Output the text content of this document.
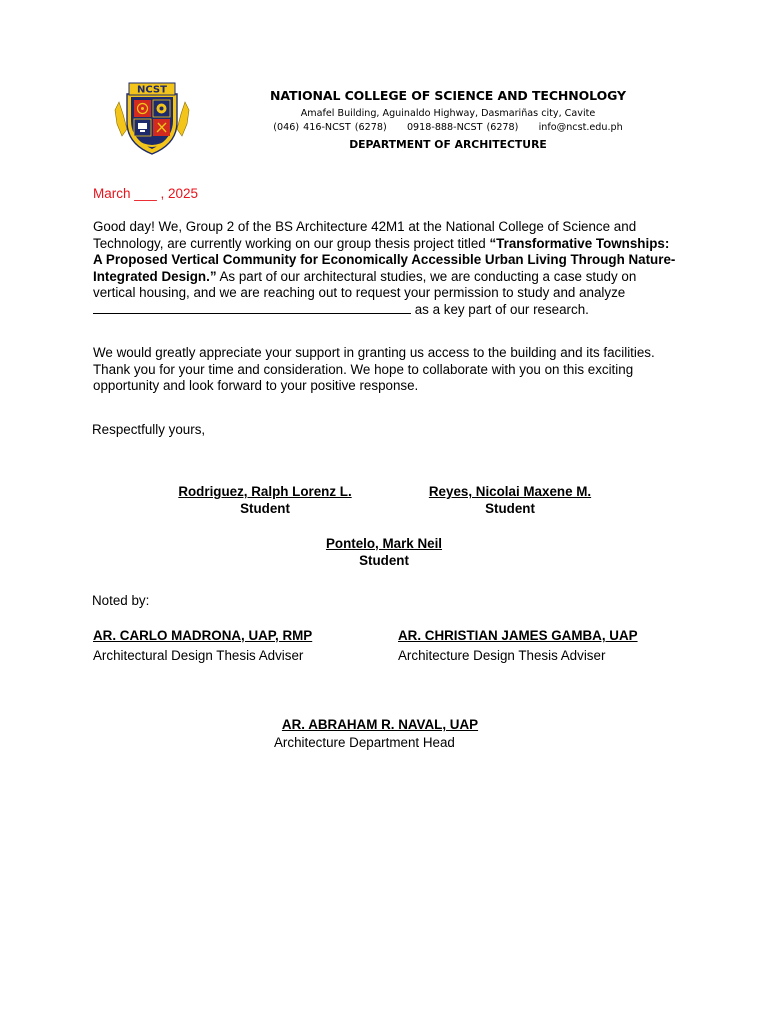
NCST	NATIONAL COLLEGE OF SCIENCE AND TECHNOLOGY
Amafel Building, Aguinaldo Highway, Dasmariñas city, Cavite
(046) 416-NCST (6278) 0918-888-NCST (6278) info@ncst.edu.ph
DEPARTMENT OF ARCHITECTURE
March ___ , 2025
Good day! We, Group 2 of the BS Architecture 42M1 at the National College of Science and Technology, are currently working on our group thesis project titled “Transformative Townships: A Proposed Vertical Community for Economically Accessible Urban Living Through Nature-Integrated Design.” As part of our architectural studies, we are conducting a case study on vertical housing, and we are reaching out to request your permission to study and analyze  as a key part of our research.
We would greatly appreciate your support in granting us access to the building and its facilities. Thank you for your time and consideration. We hope to collaborate with you on this exciting opportunity and look forward to your positive response.
Respectfully yours,
Rodriguez, Ralph Lorenz L.
Student
Reyes, Nicolai Maxene M.
Student
Pontelo, Mark Neil
Student
Noted by:
AR. CARLO MADRONA, UAP, RMP
Architectural Design Thesis Adviser
AR. CHRISTIAN JAMES GAMBA, UAP
Architecture Design Thesis Adviser
AR. ABRAHAM R. NAVAL, UAP
Architecture Department Head
